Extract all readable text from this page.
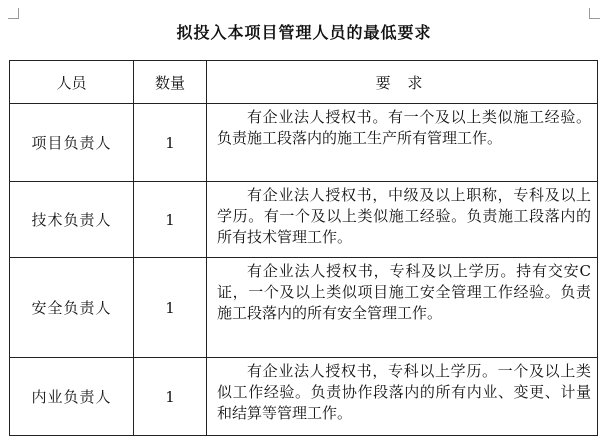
拟投入本项目管理人员的最低要求
人员	数量	要 求
项目负责人	1	有企业法人授权书。有一个及以上类似施工经验。负责施工段落内的施工生产所有管理工作。
技术负责人	1	有企业法人授权书，中级及以上职称，专科及以上学历。有一个及以上类似施工经验。负责施工段落内的所有技术管理工作。
安全负责人	1	有企业法人授权书，专科及以上学历。持有交安C证，一个及以上类似项目施工安全管理工作经验。负责施工段落内的所有安全管理工作。
内业负责人	1	有企业法人授权书，专科以上学历。一个及以上类似工作经验。负责协作段落内的所有内业、变更、计量和结算等管理工作。
